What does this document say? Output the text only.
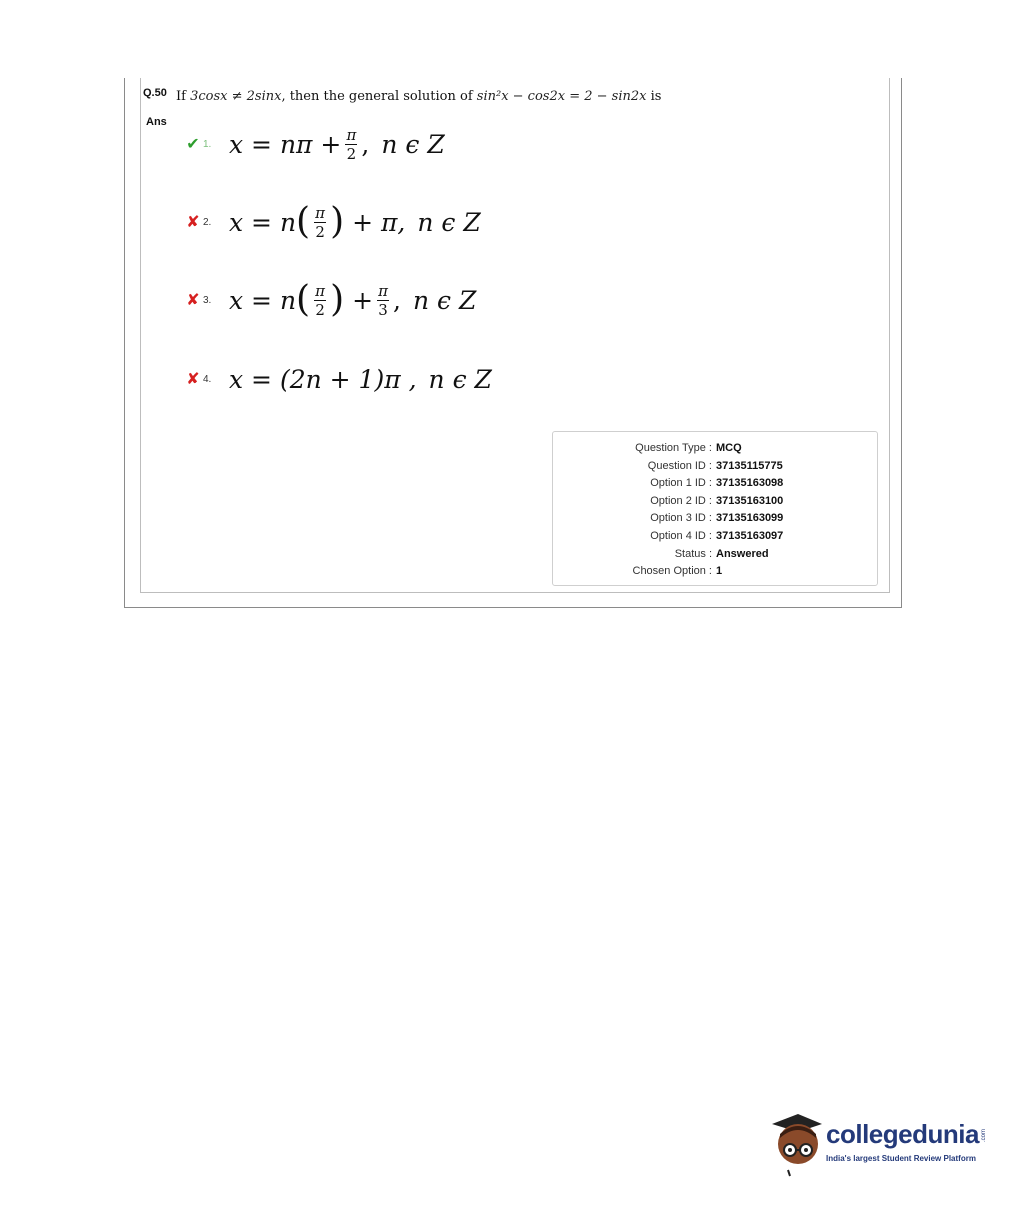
Q.50 If 3cosx ≠ 2sinx, then the general solution of sin²x − cos2x = 2 − sin2x is
Ans
✔ 1. $x = n\pi + \frac{\pi}{2}$ , n ϵ Z
✘ 2. x = n ( $\frac{\pi}{2}$ )
+ π, n ϵ Z
✘ 3. x = n ( $\frac{\pi}{2}$ )
+ $\frac{\pi}{3}$ , n ϵ Z
✘ 4. x = (2n + 1)π , n ϵ Z
Question Type : MCQ
Question ID : 37135115775
Option 1 ID : 37135163098
Option 2 ID : 37135163100
Option 3 ID : 37135163099
Option 4 ID : 37135163097
Status : Answered
Chosen Option : 1
collegedunia .com
India's largest Student Review Platform
